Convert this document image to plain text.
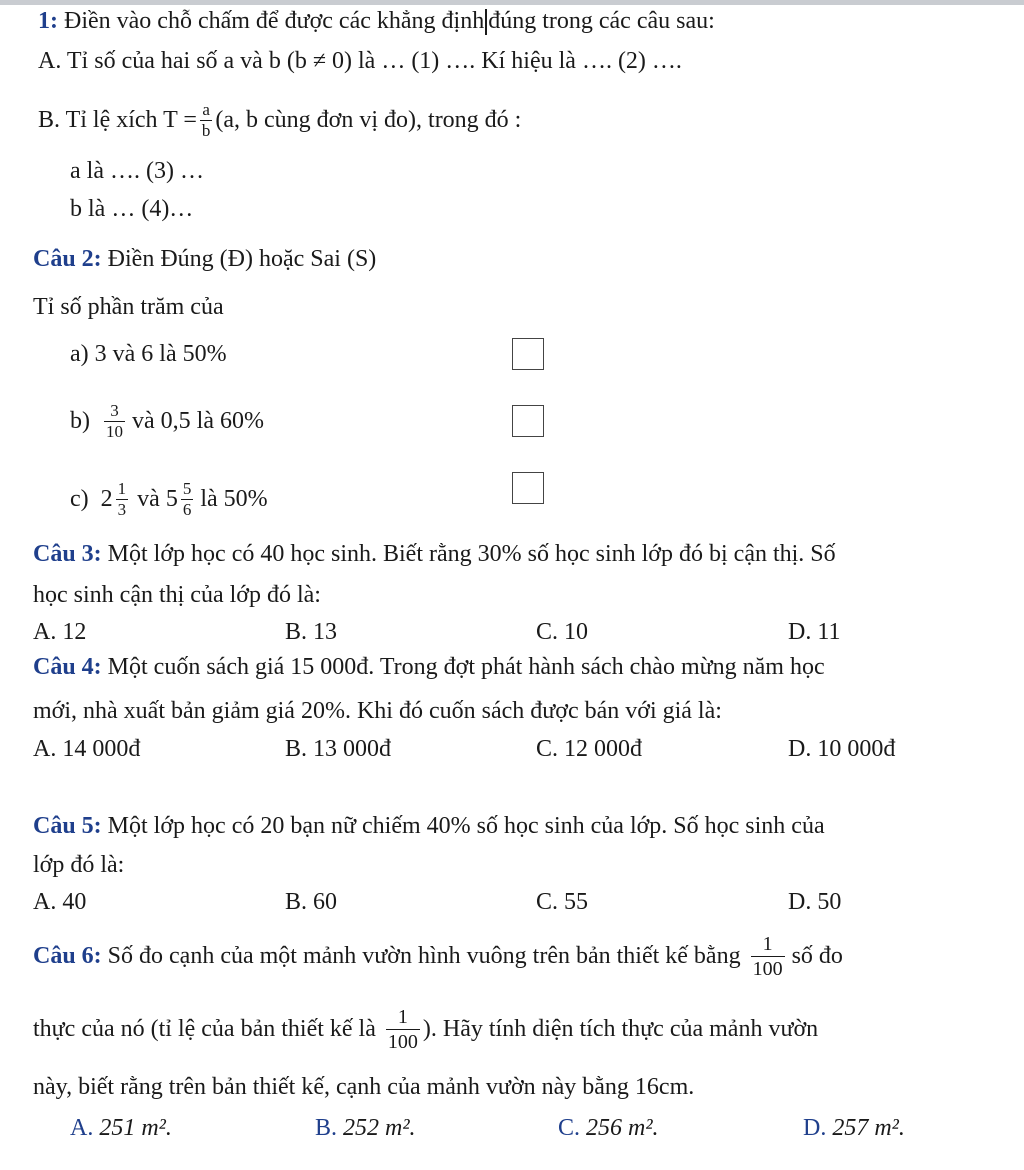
1: Điền vào chỗ chấm để được các khẳng định đúng trong các câu sau:
A. Tỉ số của hai số a và b (b ≠ 0) là … (1) …. Kí hiệu là …. (2) ….
B. Tỉ lệ xích $T = \frac{a}{b} (a$, b cùng đơn vị đo), trong đó :
a là …. (3) …
b là … (4)…
Câu 2: Điền Đúng (Đ) hoặc Sai (S)
Tỉ số phần trăm của
a) 3 và 6 là 50%
$b) \frac{3}{10}$ và 0,5 là 60%
c) $2 \frac{1}{3}$ và $5 \frac{5}{6}$ là 50%
Câu 3: Một lớp học có 40 học sinh. Biết rằng 30% số học sinh lớp đó bị cận thị. Số
học sinh cận thị của lớp đó là:
A. 12	B. 13	C. 10	D. 11
Câu 4: Một cuốn sách giá 15 000đ. Trong đợt phát hành sách chào mừng năm học
mới, nhà xuất bản giảm giá 20%. Khi đó cuốn sách được bán với giá là:
A. 14 000đ	B. 13 000đ	C. 12 000đ	D. 10 000đ
Câu 5: Một lớp học có 20 bạn nữ chiếm 40% số học sinh của lớp. Số học sinh của
lớp đó là:
A. 40	B. 60	C. 55	D. 50
Câu 6: Số đo cạnh của một mảnh vườn hình vuông trên bản thiết kế bằng $\frac{1}{100}$ số đo
thực của nó (tỉ lệ của bản thiết kế là $\frac{1}{100}$ ). Hãy tính diện tích thực của mảnh vườn
này, biết rằng trên bản thiết kế, cạnh của mảnh vườn này bằng 16cm.
A. 251 m².	B. 252 m².	C. 256 m².	D. 257 m².
